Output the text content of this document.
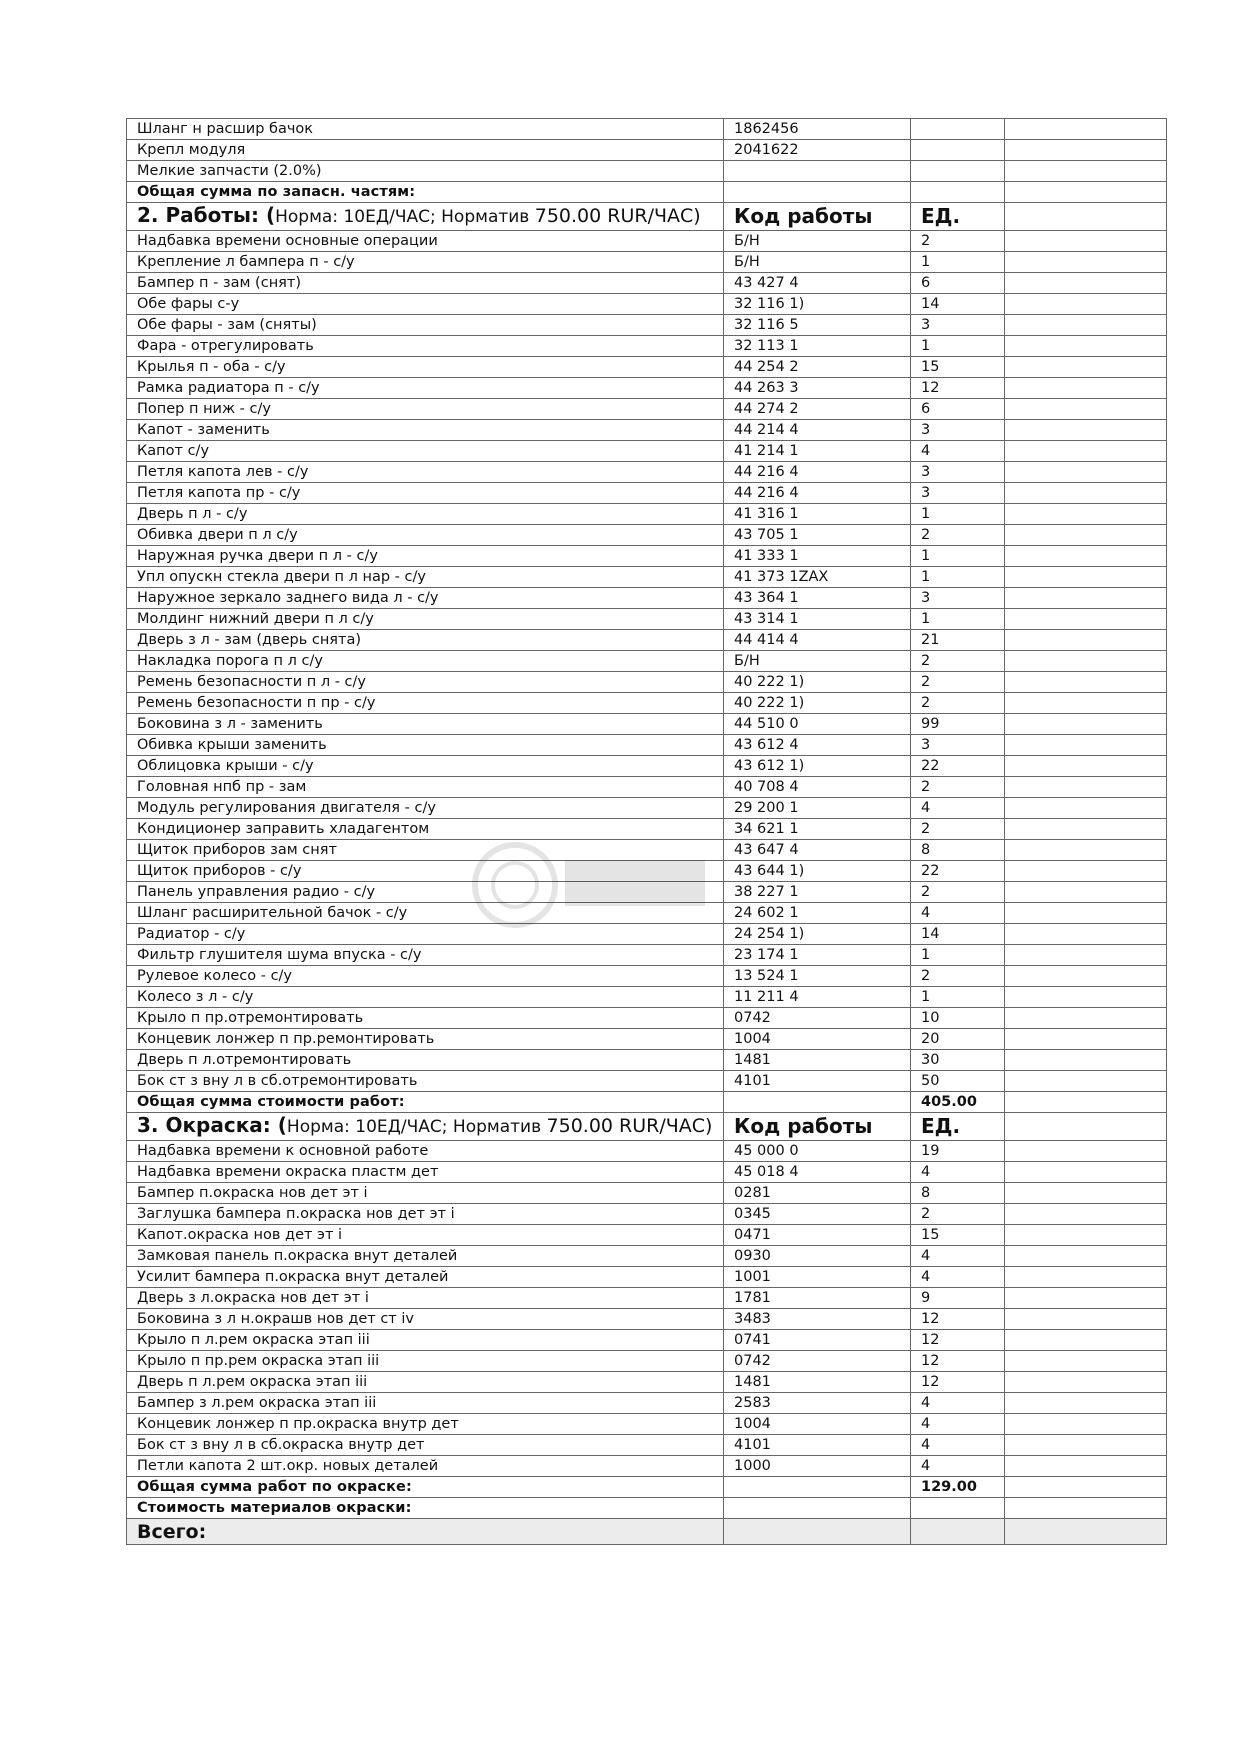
Шланг н расшир бачок	1862456		
Крепл модуля	2041622		
Мелкие запчасти (2.0%)			
Общая сумма по запасн. частям:			
2. Работы: (Норма: 10ЕД/ЧАС; Норматив 750.00 RUR/ЧАС)	Код работы	ЕД.	
Надбавка времени основные операции	Б/Н	2	
Крепление л бампера п - с/у	Б/Н	1	
Бампер п - зам (снят)	43 427 4	6	
Обе фары с-у	32 116 1)	14	
Обе фары - зам (сняты)	32 116 5	3	
Фара - отрегулировать	32 113 1	1	
Крылья п - оба - с/у	44 254 2	15	
Рамка радиатора п - с/у	44 263 3	12	
Попер п ниж - с/у	44 274 2	6	
Капот - заменить	44 214 4	3	
Капот с/у	41 214 1	4	
Петля капота лев - с/у	44 216 4	3	
Петля капота пр - с/у	44 216 4	3	
Дверь п л - с/у	41 316 1	1	
Обивка двери п л с/у	43 705 1	2	
Наружная ручка двери п л - с/у	41 333 1	1	
Упл опускн стекла двери п л нар - с/у	41 373 1ZAX	1	
Наружное зеркало заднего вида л - с/у	43 364 1	3	
Молдинг нижний двери п л с/у	43 314 1	1	
Дверь з л - зам (дверь снята)	44 414 4	21	
Накладка порога п л с/у	Б/Н	2	
Ремень безопасности п л - с/у	40 222 1)	2	
Ремень безопасности п пр - с/у	40 222 1)	2	
Боковина з л - заменить	44 510 0	99	
Обивка крыши заменить	43 612 4	3	
Облицовка крыши - с/у	43 612 1)	22	
Головная нпб пр - зам	40 708 4	2	
Модуль регулирования двигателя - с/у	29 200 1	4	
Кондиционер заправить хладагентом	34 621 1	2	
Щиток приборов зам снят	43 647 4	8	
Щиток приборов - с/у	43 644 1)	22	
Панель управления радио - с/у	38 227 1	2	
Шланг расширительной бачок - с/у	24 602 1	4	
Радиатор - с/у	24 254 1)	14	
Фильтр глушителя шума впуска - с/у	23 174 1	1	
Рулевое колесо - с/у	13 524 1	2	
Колесо з л - с/у	11 211 4	1	
Крыло п пр.отремонтировать	0742	10	
Концевик лонжер п пр.ремонтировать	1004	20	
Дверь п л.отремонтировать	1481	30	
Бок ст з вну л в сб.отремонтировать	4101	50	
Общая сумма стоимости работ:		405.00	
3. Окраска: (Норма: 10ЕД/ЧАС; Норматив 750.00 RUR/ЧАС)	Код работы	ЕД.	
Надбавка времени к основной работе	45 000 0	19	
Надбавка времени окраска пластм дет	45 018 4	4	
Бампер п.окраска нов дет эт i	0281	8	
Заглушка бампера п.окраска нов дет эт i	0345	2	
Капот.окраска нов дет эт i	0471	15	
Замковая панель п.окраска внут деталей	0930	4	
Усилит бампера п.окраска внут деталей	1001	4	
Дверь з л.окраска нов дет эт i	1781	9	
Боковина з л н.окрашв нов дет ст iv	3483	12	
Крыло п л.рем окраска этап iii	0741	12	
Крыло п пр.рем окраска этап iii	0742	12	
Дверь п л.рем окраска этап iii	1481	12	
Бампер з л.рем окраска этап iii	2583	4	
Концевик лонжер п пр.окраска внутр дет	1004	4	
Бок ст з вну л в сб.окраска внутр дет	4101	4	
Петли капота 2 шт.окр. новых деталей	1000	4	
Общая сумма работ по окраске:		129.00	
Стоимость материалов окраски:			
Всего:			
